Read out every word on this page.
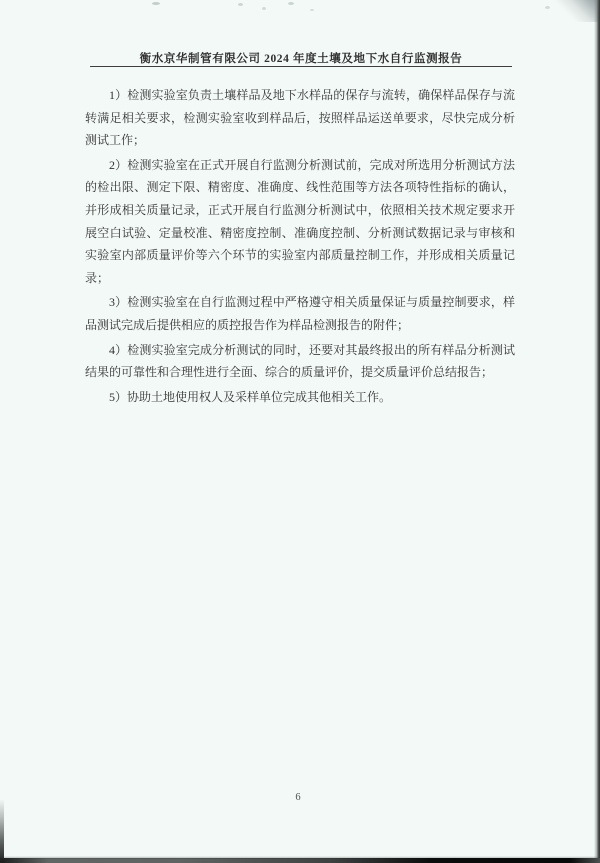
衡水京华制管有限公司 2024 年度土壤及地下水自行监测报告

1）检测实验室负责土壤样品及地下水样品的保存与流转，确保样品保存与流转满足相关要求，检测实验室收到样品后，按照样品运送单要求，尽快完成分析测试工作；

2）检测实验室在正式开展自行监测分析测试前，完成对所选用分析测试方法的检出限、测定下限、精密度、准确度、线性范围等方法各项特性指标的确认，并形成相关质量记录，正式开展自行监测分析测试中，依照相关技术规定要求开展空白试验、定量校准、精密度控制、准确度控制、分析测试数据记录与审核和实验室内部质量评价等六个环节的实验室内部质量控制工作，并形成相关质量记录；

3）检测实验室在自行监测过程中严格遵守相关质量保证与质量控制要求，样品测试完成后提供相应的质控报告作为样品检测报告的附件；

4）检测实验室完成分析测试的同时，还要对其最终报出的所有样品分析测试结果的可靠性和合理性进行全面、综合的质量评价，提交质量评价总结报告；

5）协助土地使用权人及采样单位完成其他相关工作。

6
